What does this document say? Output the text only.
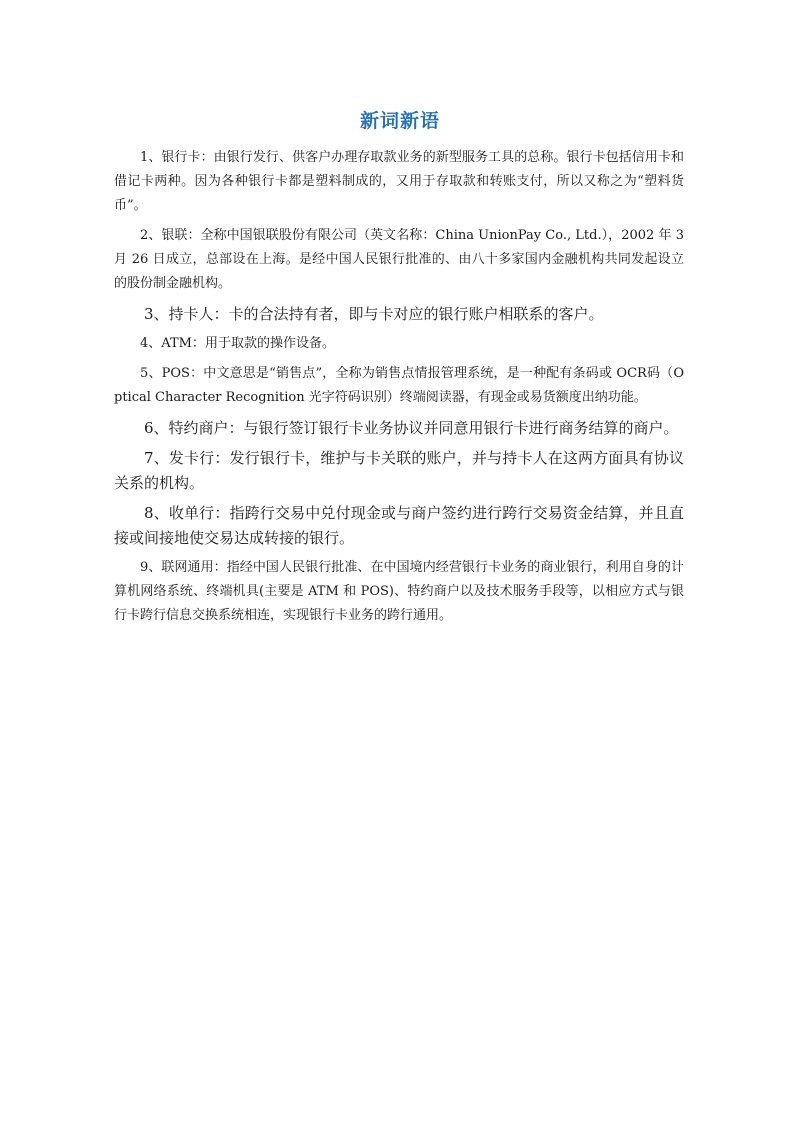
新词新语

1、银行卡：由银行发行、供客户办理存取款业务的新型服务工具的总称。银行卡包括信用卡和借记卡两种。因为各种银行卡都是塑料制成的，又用于存取款和转账支付，所以又称之为“塑料货币”。

2、银联：全称中国银联股份有限公司（英文名称：China UnionPay Co., Ltd.），2002 年 3 月 26 日成立，总部设在上海。是经中国人民银行批准的、由八十多家国内金融机构共同发起设立的股份制金融机构。

3、持卡人：卡的合法持有者，即与卡对应的银行账户相联系的客户。

4、ATM：用于取款的操作设备。

5、POS：中文意思是“销售点”，全称为销售点情报管理系统，是一种配有条码或 OCR码（Optical Character Recognition 光字符码识别）终端阅读器，有现金或易货额度出纳功能。

6、特约商户：与银行签订银行卡业务协议并同意用银行卡进行商务结算的商户。

7、发卡行：发行银行卡，维护与卡关联的账户，并与持卡人在这两方面具有协议关系的机构。

8、收单行：指跨行交易中兑付现金或与商户签约进行跨行交易资金结算，并且直接或间接地使交易达成转接的银行。

9、联网通用：指经中国人民银行批准、在中国境内经营银行卡业务的商业银行，利用自身的计算机网络系统、终端机具(主要是 ATM 和 POS)、特约商户以及技术服务手段等，以相应方式与银行卡跨行信息交换系统相连，实现银行卡业务的跨行通用。
